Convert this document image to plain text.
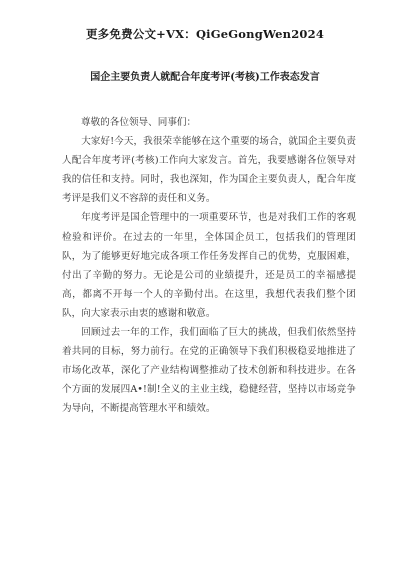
更多免费公文+VX：QiGeGongWen2024
国企主要负责人就配合年度考评(考核)工作表态发言

尊敬的各位领导、同事们：

大家好!今天，我很荣幸能够在这个重要的场合，就国企主要负责人配合年度考评(考核)工作向大家发言。首先，我要感谢各位领导对我的信任和支持。同时，我也深知，作为国企主要负责人，配合年度考评是我们义不容辞的责任和义务。

年度考评是国企管理中的一项重要环节，也是对我们工作的客观检验和评价。在过去的一年里，全体国企员工，包括我们的管理团队，为了能够更好地完成各项工作任务发挥自己的优势，克服困难，付出了辛勤的努力。无论是公司的业绩提升，还是员工的幸福感提高，都离不开每一个人的辛勤付出。在这里，我想代表我们整个团队，向大家表示由衷的感谢和敬意。

回顾过去一年的工作，我们面临了巨大的挑战，但我们依然坚持着共同的目标，努力前行。在党的正确领导下我们积极稳妥地推进了市场化改革，深化了产业结构调整推动了技术创新和科技进步。在各个方面的发展四A•!制!全义的主业主线，稳健经营，坚持以市场竞争为导向，不断提高管理水平和绩效。
